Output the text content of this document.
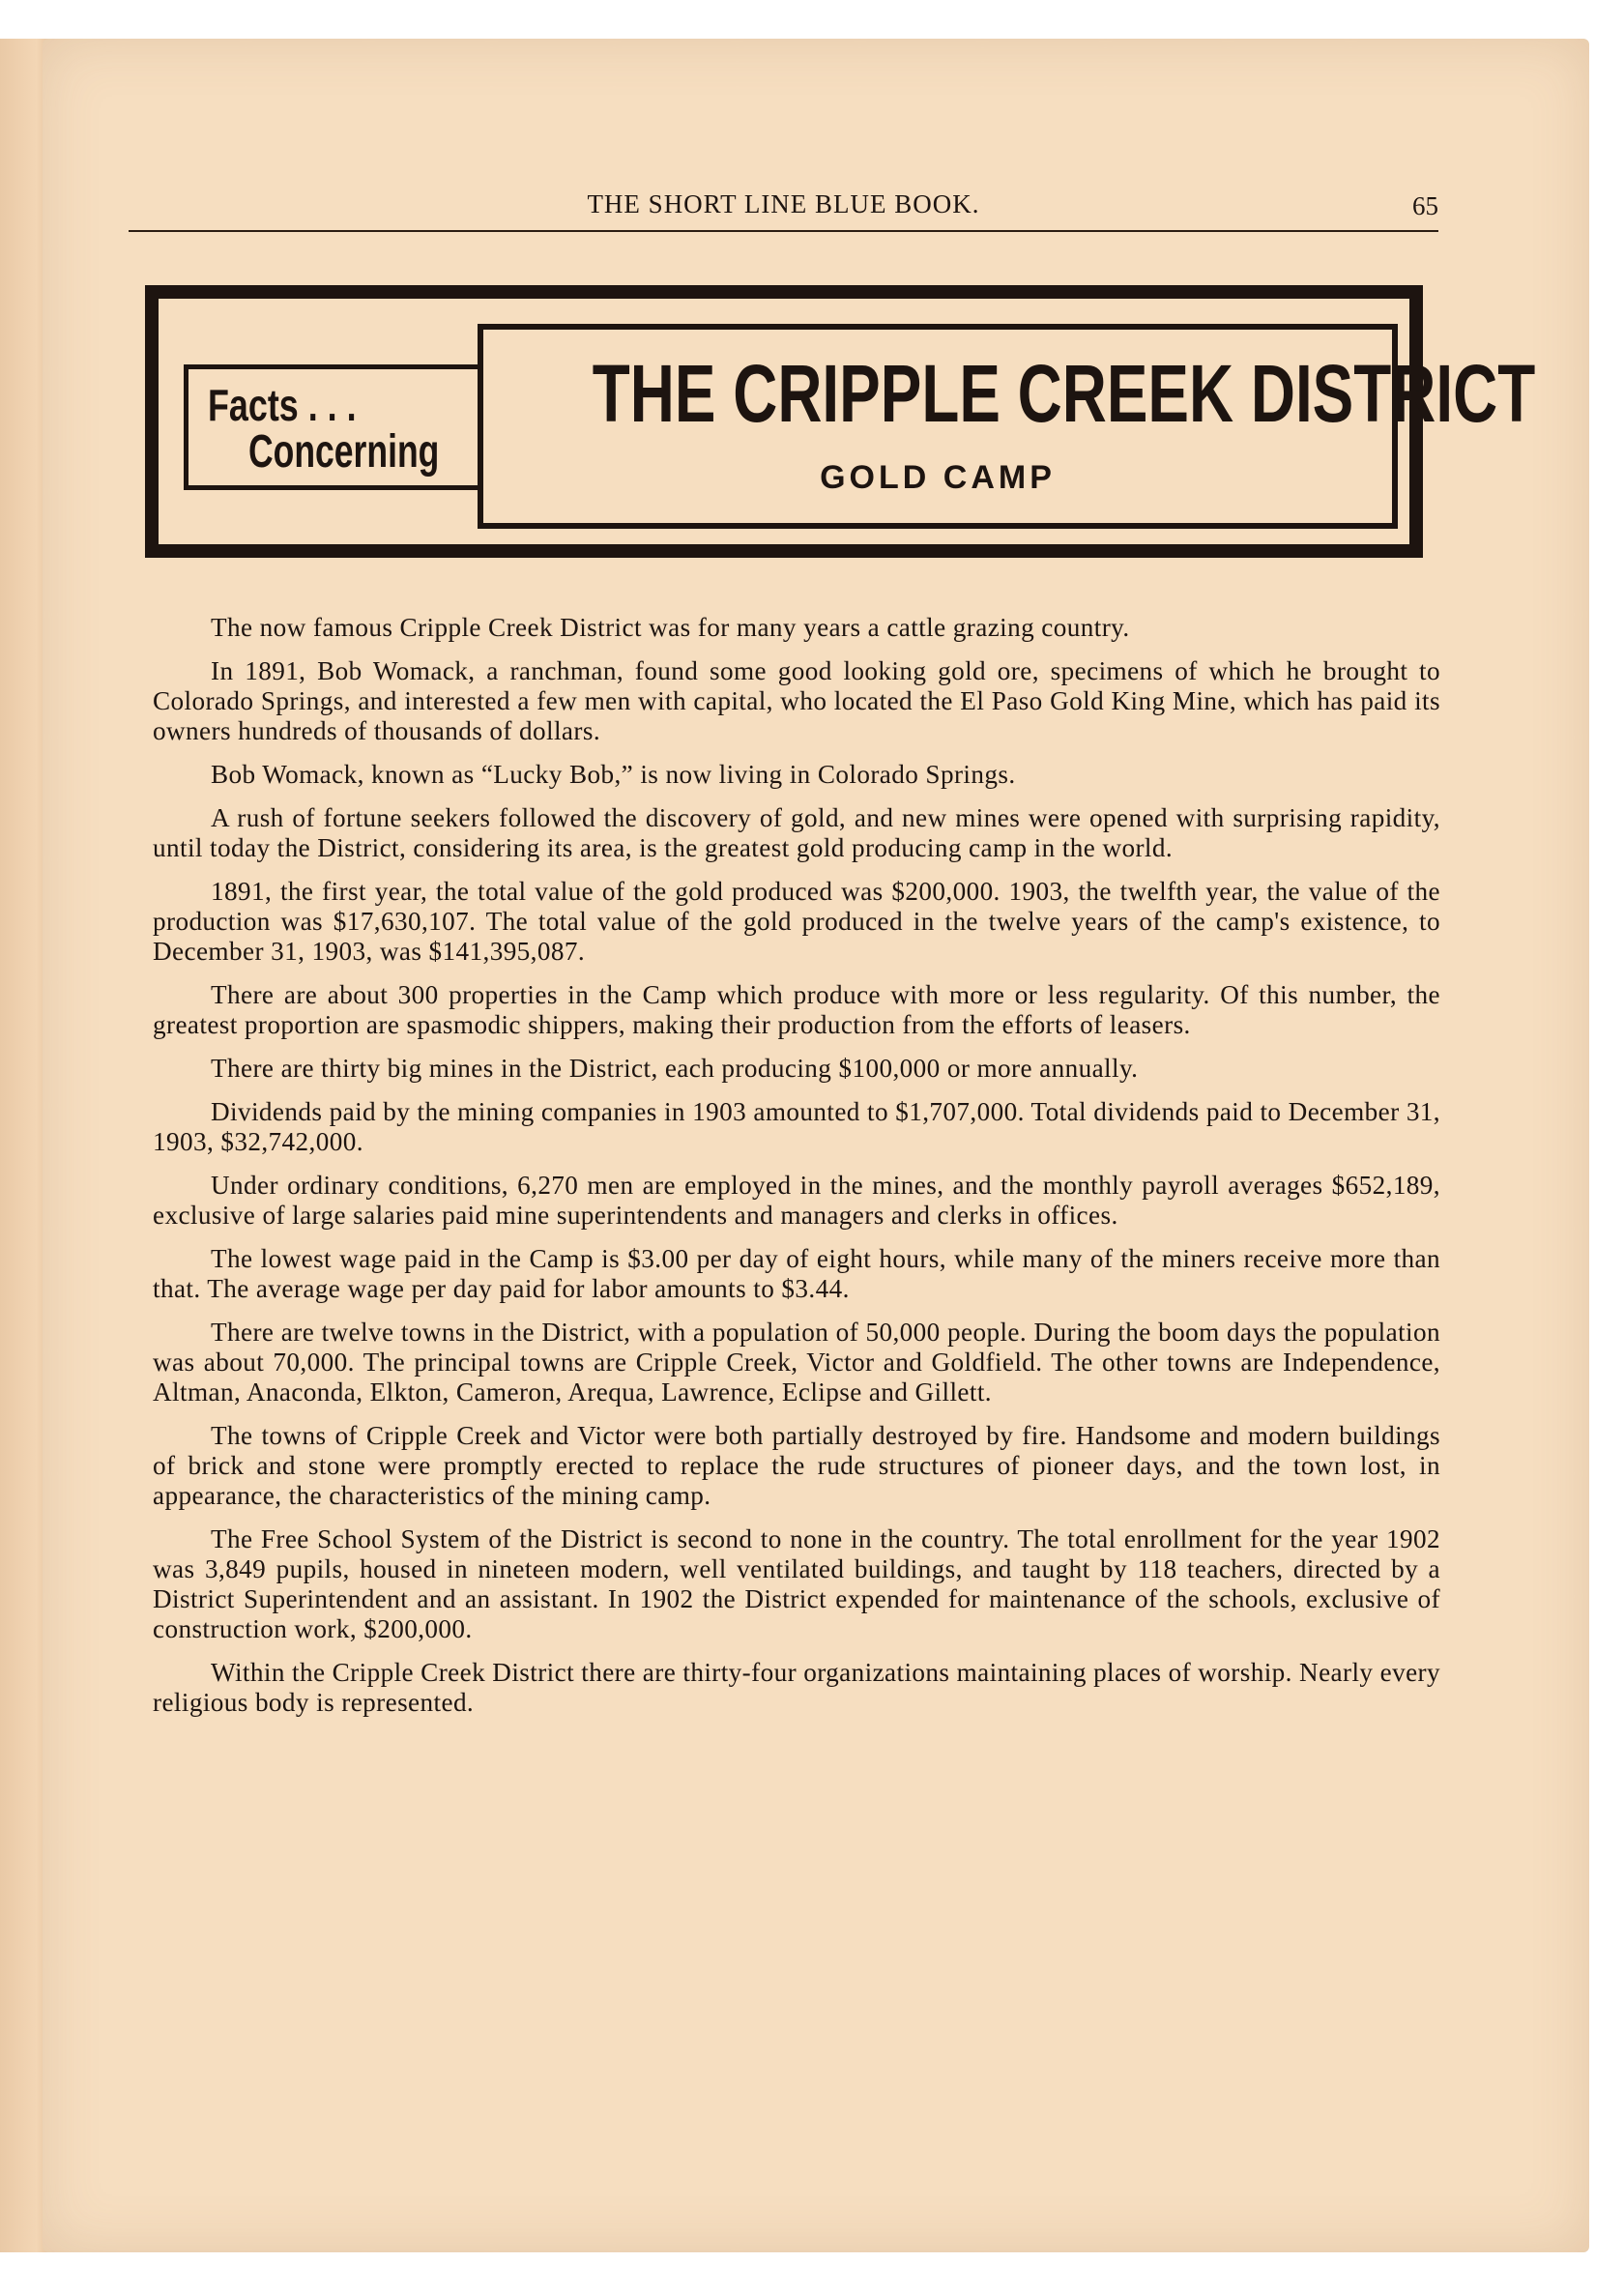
THE SHORT LINE BLUE BOOK.	65
Facts . . .
Concerning
THE CRIPPLE CREEK DISTRICT
GOLD CAMP

The now famous Cripple Creek District was for many years a cattle grazing country.

In 1891, Bob Womack, a ranchman, found some good looking gold ore, specimens of which he brought to Colorado Springs, and interested a few men with capital, who located the El Paso Gold King Mine, which has paid its owners hundreds of thousands of dollars.

Bob Womack, known as “Lucky Bob,” is now living in Colorado Springs.

A rush of fortune seekers followed the discovery of gold, and new mines were opened with surprising rapidity, until today the District, considering its area, is the greatest gold producing camp in the world.

1891, the first year, the total value of the gold produced was $200,000. 1903, the twelfth year, the value of the production was $17,630,107. The total value of the gold produced in the twelve years of the camp's existence, to December 31, 1903, was $141,395,087.

There are about 300 properties in the Camp which produce with more or less regularity. Of this number, the greatest proportion are spasmodic shippers, making their production from the efforts of leasers.

There are thirty big mines in the District, each producing $100,000 or more annually.

Dividends paid by the mining companies in 1903 amounted to $1,707,000. Total dividends paid to December 31, 1903, $32,742,000.

Under ordinary conditions, 6,270 men are employed in the mines, and the monthly payroll averages $652,189, exclusive of large salaries paid mine superintendents and managers and clerks in offices.

The lowest wage paid in the Camp is $3.00 per day of eight hours, while many of the miners receive more than that. The average wage per day paid for labor amounts to $3.44.

There are twelve towns in the District, with a population of 50,000 people. During the boom days the population was about 70,000. The principal towns are Cripple Creek, Victor and Goldfield. The other towns are Independence, Altman, Anaconda, Elkton, Cameron, Arequa, Lawrence, Eclipse and Gillett.

The towns of Cripple Creek and Victor were both partially destroyed by fire. Handsome and modern buildings of brick and stone were promptly erected to replace the rude structures of pioneer days, and the town lost, in appearance, the characteristics of the mining camp.

The Free School System of the District is second to none in the country. The total enrollment for the year 1902 was 3,849 pupils, housed in nineteen modern, well ventilated buildings, and taught by 118 teachers, directed by a District Superintendent and an assistant. In 1902 the District expended for maintenance of the schools, exclusive of construction work, $200,000.

Within the Cripple Creek District there are thirty-four organizations maintaining places of worship. Nearly every religious body is represented.
